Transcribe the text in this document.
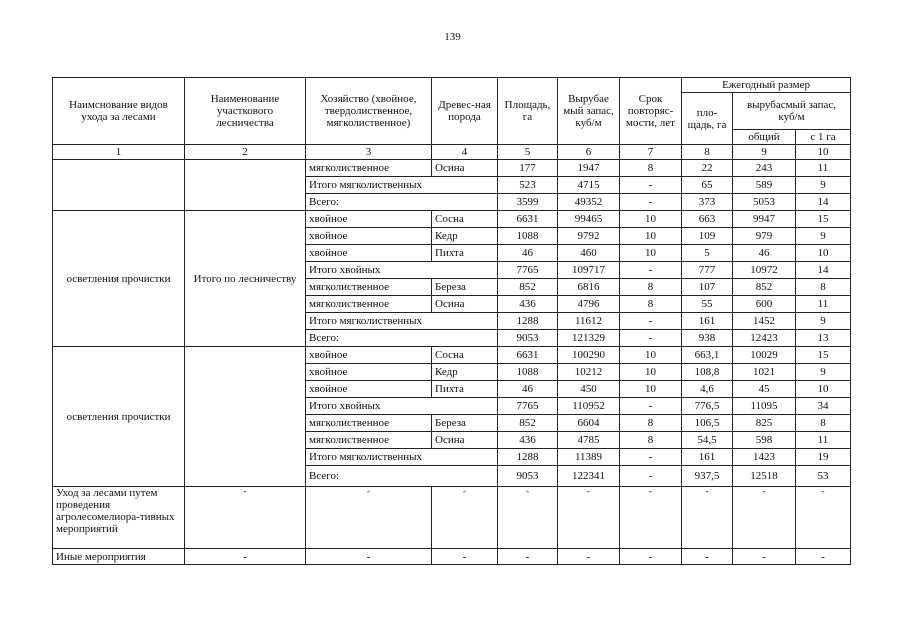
139
Наимснование видов ухода за лесами	Наименование участкового лесничества	Хозяйство (хвойное, твердолиственное, мягколиственное)	Древес-ная порода	Площадь, га	Вырубае мый запас, куб/м	Срок повторяс-мости, лет	Ежегодный размер		
							пло-щадь, га	вырубасмый запас, куб/м	
								общий	с 1 га
1	2	3	4	5	6	7	8	9	10
		мягколиственное	Осина	177	1947	8	22	243	11
		Итого мягколиственных		523	4715	-	65	589	9
		Всего:		3599	49352	-	373	5053	14
осветления прочистки	Итого по лесничеству	хвойное	Сосна	6631	99465	10	663	9947	15
		хвойное	Кедр	1088	9792	10	109	979	9
		хвойное	Пихта	46	460	10	5	46	10
		Итого хвойных		7765	109717	-	777	10972	14
		мягколиственное	Береза	852	6816	8	107	852	8
		мягколиственное	Осина	436	4796	8	55	600	11
		Итого мягколиственных		1288	11612	-	161	1452	9
		Всего:		9053	121329	-	938	12423	13
осветления прочистки		хвойное	Сосна	6631	100290	10	663,1	10029	15
		хвойное	Кедр	1088	10212	10	108,8	1021	9
		хвойное	Пихта	46	450	10	4,6	45	10
		Итого хвойных		7765	110952	-	776,5	11095	34
		мягколиственное	Береза	852	6604	8	106,5	825	8
		мягколиственное	Осина	436	4785	8	54,5	598	11
		Итого мягколиственных		1288	11389	-	161	1423	19
		Всего:		9053	122341	-	937,5	12518	53
Уход за лесами путем проведения агролесомелиора-тивных мероприятий	-	-	-	-	-	-	-	-	-

Иные мероприятия	-	-	-	-	-	-	-	-	-
